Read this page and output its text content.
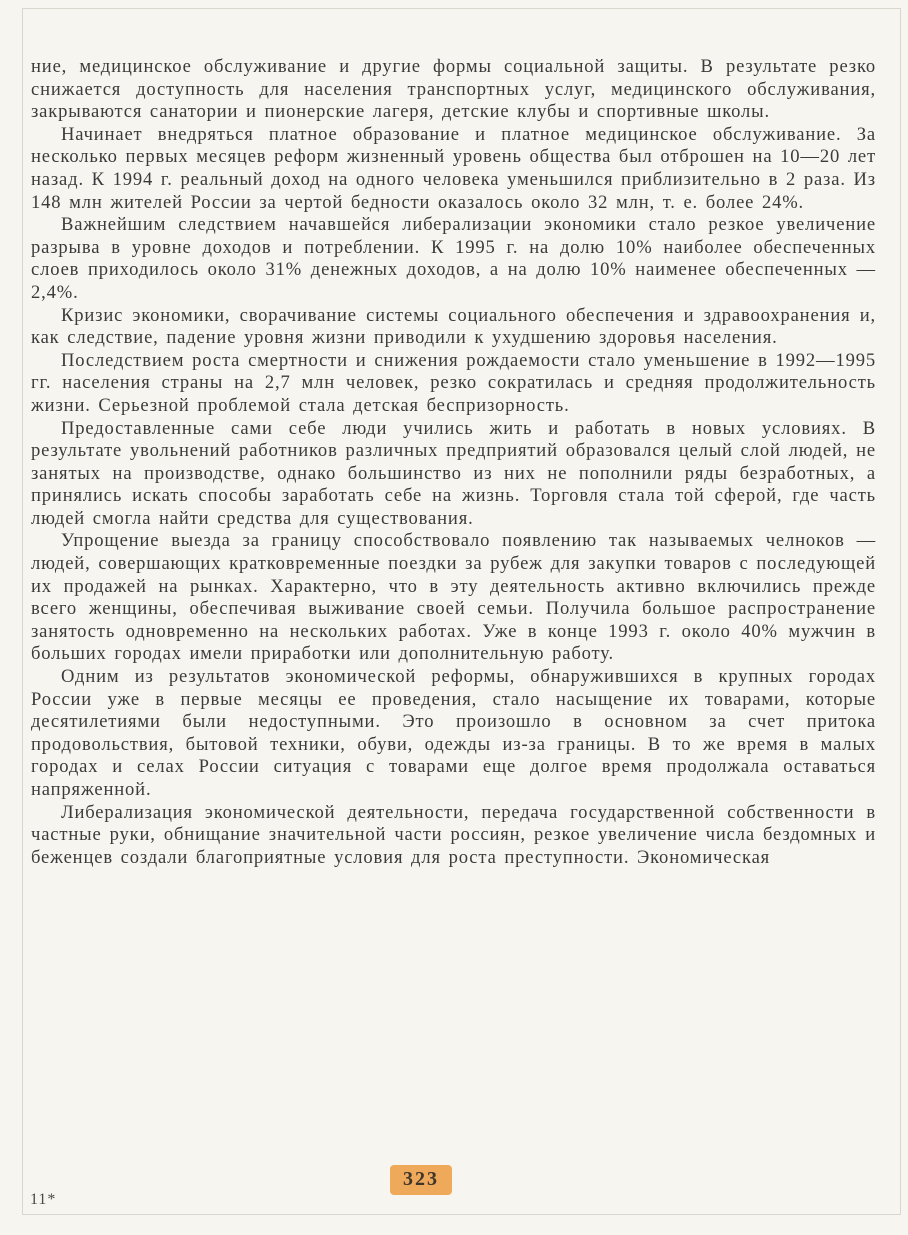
ние, медицинское обслуживание и другие формы социальной защиты. В результате резко снижается доступность для населения транспортных услуг, медицинского обслуживания, закрываются санатории и пионерские лагеря, детские клубы и спортивные школы.

Начинает внедряться платное образование и платное медицинское обслуживание. За несколько первых месяцев реформ жизненный уровень общества был отброшен на 10—20 лет назад. К 1994 г. реальный доход на одного человека уменьшился приблизительно в 2 раза. Из 148 млн жителей России за чертой бедности оказалось около 32 млн, т. е. более 24%.

Важнейшим следствием начавшейся либерализации экономики стало резкое увеличение разрыва в уровне доходов и потреблении. К 1995 г. на долю 10% наиболее обеспеченных слоев приходилось около 31% денежных доходов, а на долю 10% наименее обеспеченных — 2,4%.

Кризис экономики, сворачивание системы социального обеспечения и здравоохранения и, как следствие, падение уровня жизни приводили к ухудшению здоровья населения.

Последствием роста смертности и снижения рождаемости стало уменьшение в 1992—1995 гг. населения страны на 2,7 млн человек, резко сократилась и средняя продолжительность жизни. Серьезной проблемой стала детская беспризорность.

Предоставленные сами себе люди учились жить и работать в новых условиях. В результате увольнений работников различных предприятий образовался целый слой людей, не занятых на производстве, однако большинство из них не пополнили ряды безработных, а принялись искать способы заработать себе на жизнь. Торговля стала той сферой, где часть людей смогла найти средства для существования.

Упрощение выезда за границу способствовало появлению так называемых челноков — людей, совершающих кратковременные поездки за рубеж для закупки товаров с последующей их продажей на рынках. Характерно, что в эту деятельность активно включились прежде всего женщины, обеспечивая выживание своей семьи. Получила большое распространение занятость одновременно на нескольких работах. Уже в конце 1993 г. около 40% мужчин в больших городах имели приработки или дополнительную работу.

Одним из результатов экономической реформы, обнаружившихся в крупных городах России уже в первые месяцы ее проведения, стало насыщение их товарами, которые десятилетиями были недоступными. Это произошло в основном за счет притока продовольствия, бытовой техники, обуви, одежды из-за границы. В то же время в малых городах и селах России ситуация с товарами еще долгое время продолжала оставаться напряженной.

Либерализация экономической деятельности, передача государственной собственности в частные руки, обнищание значительной части россиян, резкое увеличение числа бездомных и беженцев создали благоприятные условия для роста преступности. Экономическая

11*
323
